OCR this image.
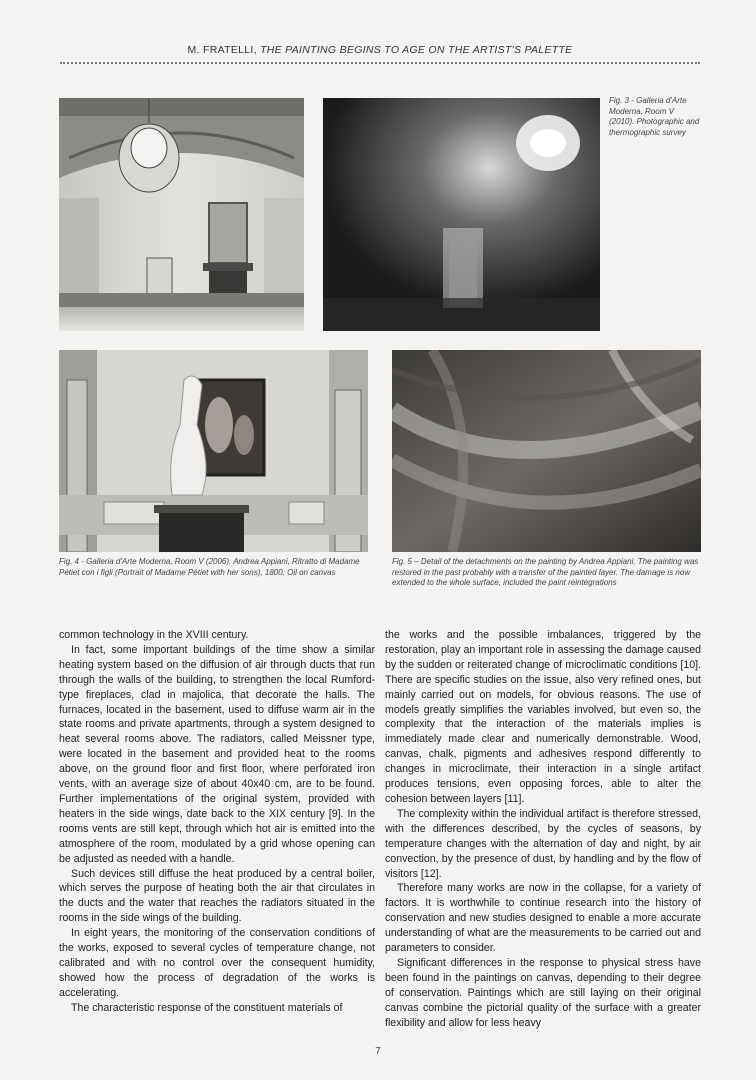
M. FRATELLI, THE PAINTING BEGINS TO AGE ON THE ARTIST'S PALETTE
Fig. 3 - Galleria d'Arte Moderna, Room V (2010). Photographic and thermographic survey
Fig. 4 - Galleria d'Arte Moderna, Room V (2006). Andrea Appiani, Ritratto di Madame Pétiet con i figli (Portrait of Madame Pétiet with her sons), 1800. Oil on canvas
Fig. 5 – Detail of the detachments on the painting by Andrea Appiani. The painting was restored in the past probably with a transfer of the painted layer. The damage is now extended to the whole surface, included the paint reintegrations

common technology in the XVIII century.

In fact, some important buildings of the time show a similar heating system based on the diffusion of air through ducts that run through the walls of the building, to strengthen the local Rumford-type fireplaces, clad in majolica, that decorate the halls. The furnaces, located in the basement, used to diffuse warm air in the state rooms and private apartments, through a system designed to heat several rooms above. The radiators, called Meissner type, were located in the basement and provided heat to the rooms above, on the ground floor and first floor, where perforated iron vents, with an average size of about 40x40 cm, are to be found. Further implementations of the original system, provided with heaters in the side wings, date back to the XIX century [9]. In the rooms vents are still kept, through which hot air is emitted into the atmosphere of the room, modulated by a grid whose opening can be adjusted as needed with a handle.

Such devices still diffuse the heat produced by a central boiler, which serves the purpose of heating both the air that circulates in the ducts and the water that reaches the radiators situated in the rooms in the side wings of the building.

In eight years, the monitoring of the conservation conditions of the works, exposed to several cycles of temperature change, not calibrated and with no control over the consequent humidity, showed how the process of degradation of the works is accelerating.

The characteristic response of the constituent materials of

the works and the possible imbalances, triggered by the restoration, play an important role in assessing the damage caused by the sudden or reiterated change of microclimatic conditions [10]. There are specific studies on the issue, also very refined ones, but mainly carried out on models, for obvious reasons. The use of models greatly simplifies the variables involved, but even so, the complexity that the interaction of the materials implies is immediately made clear and numerically demonstrable. Wood, canvas, chalk, pigments and adhesives respond differently to changes in microclimate, their interaction in a single artifact produces tensions, even opposing forces, able to alter the cohesion between layers [11].

The complexity within the individual artifact is therefore stressed, with the differences described, by the cycles of seasons, by temperature changes with the alternation of day and night, by air convection, by the presence of dust, by handling and by the flow of visitors [12].

Therefore many works are now in the collapse, for a variety of factors. It is worthwhile to continue research into the history of conservation and new studies designed to enable a more accurate understanding of what are the measurements to be carried out and parameters to consider.

Significant differences in the response to physical stress have been found in the paintings on canvas, depending to their degree of conservation. Paintings which are still laying on their original canvas combine the pictorial quality of the surface with a greater flexibility and allow for less heavy

7
